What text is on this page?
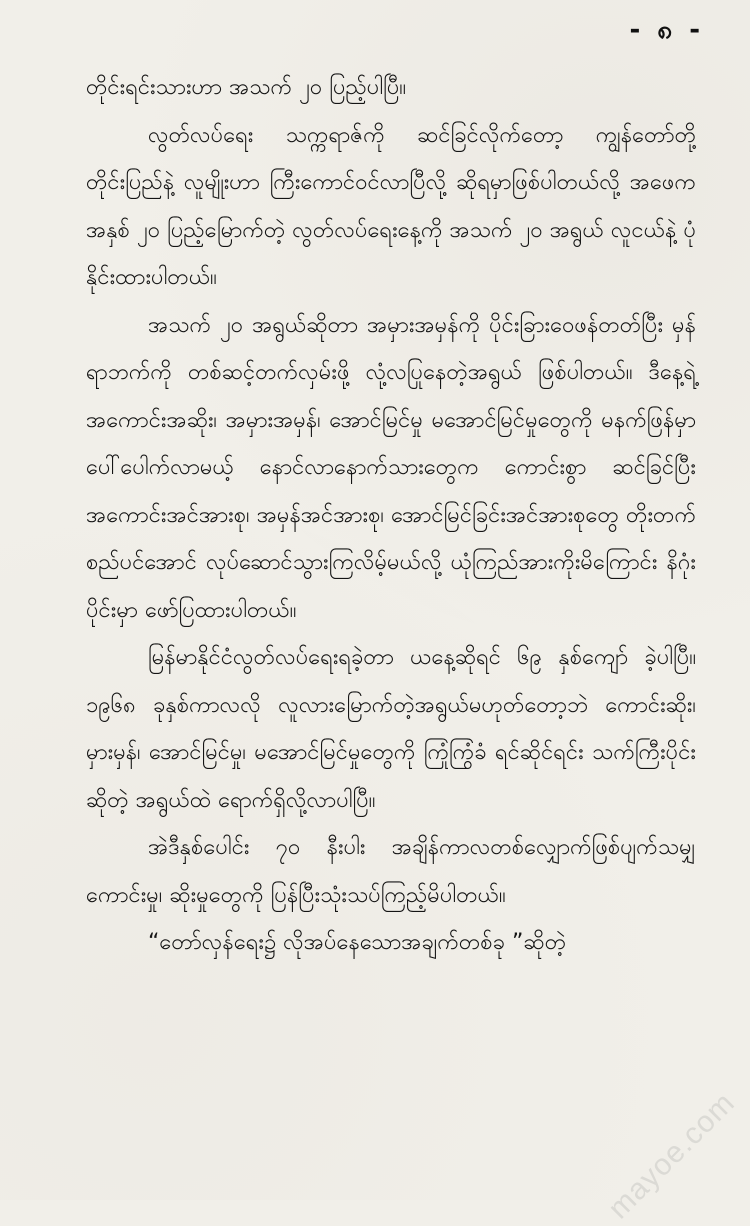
- ၈ -

တိုင်းရင်းသားဟာ အသက် ၂၀ ပြည့်ပါပြီ။

လွတ်လပ်ရေး သက္ကရာဇ်ကို ဆင်ခြင်လိုက်တော့ ကျွန်တော်တို့ တိုင်းပြည်နဲ့ လူမျိုးဟာ ကြီးကောင်ဝင်လာပြီလို့ ဆိုရမှာဖြစ်ပါတယ်လို့ အဖေက အနှစ် ၂၀ ပြည့်မြောက်တဲ့ လွတ်လပ်ရေးနေ့ကို အသက် ၂၀ အရွယ် လူငယ်နဲ့ ပုံနိုင်းထားပါတယ်။

အသက် ၂၀ အရွယ်ဆိုတာ အမှားအမှန်ကို ပိုင်းခြားဝေဖန်တတ်ပြီး မှန်ရာဘက်ကို တစ်ဆင့်တက်လှမ်းဖို့ လုံ့လပြုနေတဲ့အရွယ် ဖြစ်ပါတယ်။ ဒီနေ့ရဲ့ အကောင်းအဆိုး၊ အမှားအမှန်၊ အောင်မြင်မှု မအောင်မြင်မှုတွေကို မနက်ဖြန်မှာ ပေါ်ပေါက်လာမယ့် နောင်လာနောက်သားတွေက ကောင်းစွာ ဆင်ခြင်ပြီး အကောင်းအင်အားစု၊ အမှန်အင်အားစု၊ အောင်မြင်ခြင်းအင်အားစုတွေ တိုးတက်စည်ပင်အောင် လုပ်ဆောင်သွားကြလိမ့်မယ်လို့ ယုံကြည်အားကိုးမိကြောင်း နိဂုံးပိုင်းမှာ ဖော်ပြထားပါတယ်။

မြန်မာနိုင်ငံလွတ်လပ်ရေးရခဲ့တာ ယနေ့ဆိုရင် ၆၉ နှစ်ကျော် ခဲ့ပါပြီ။ ၁၉၆၈ ခုနှစ်ကာလလို လူလားမြောက်တဲ့အရွယ်မဟုတ်တော့ဘဲ ကောင်းဆိုး၊ မှားမှန်၊ အောင်မြင်မှု၊ မအောင်မြင်မှုတွေကို ကြုံကြွံခံ ရင်ဆိုင်ရင်း သက်ကြီးပိုင်းဆိုတဲ့ အရွယ်ထဲ ရောက်ရှိလို့လာပါပြီ။

အဲဒီနှစ်ပေါင်း ၇၀ နီးပါး အချိန်ကာလတစ်လျှောက်ဖြစ်ပျက်သမျှ ကောင်းမှု၊ ဆိုးမှုတွေကို ပြန်ပြီးသုံးသပ်ကြည့်မိပါတယ်။

“တော်လှန်ရေး၌ လိုအပ်နေသောအချက်တစ်ခု ”ဆိုတဲ့

mayoe.com
